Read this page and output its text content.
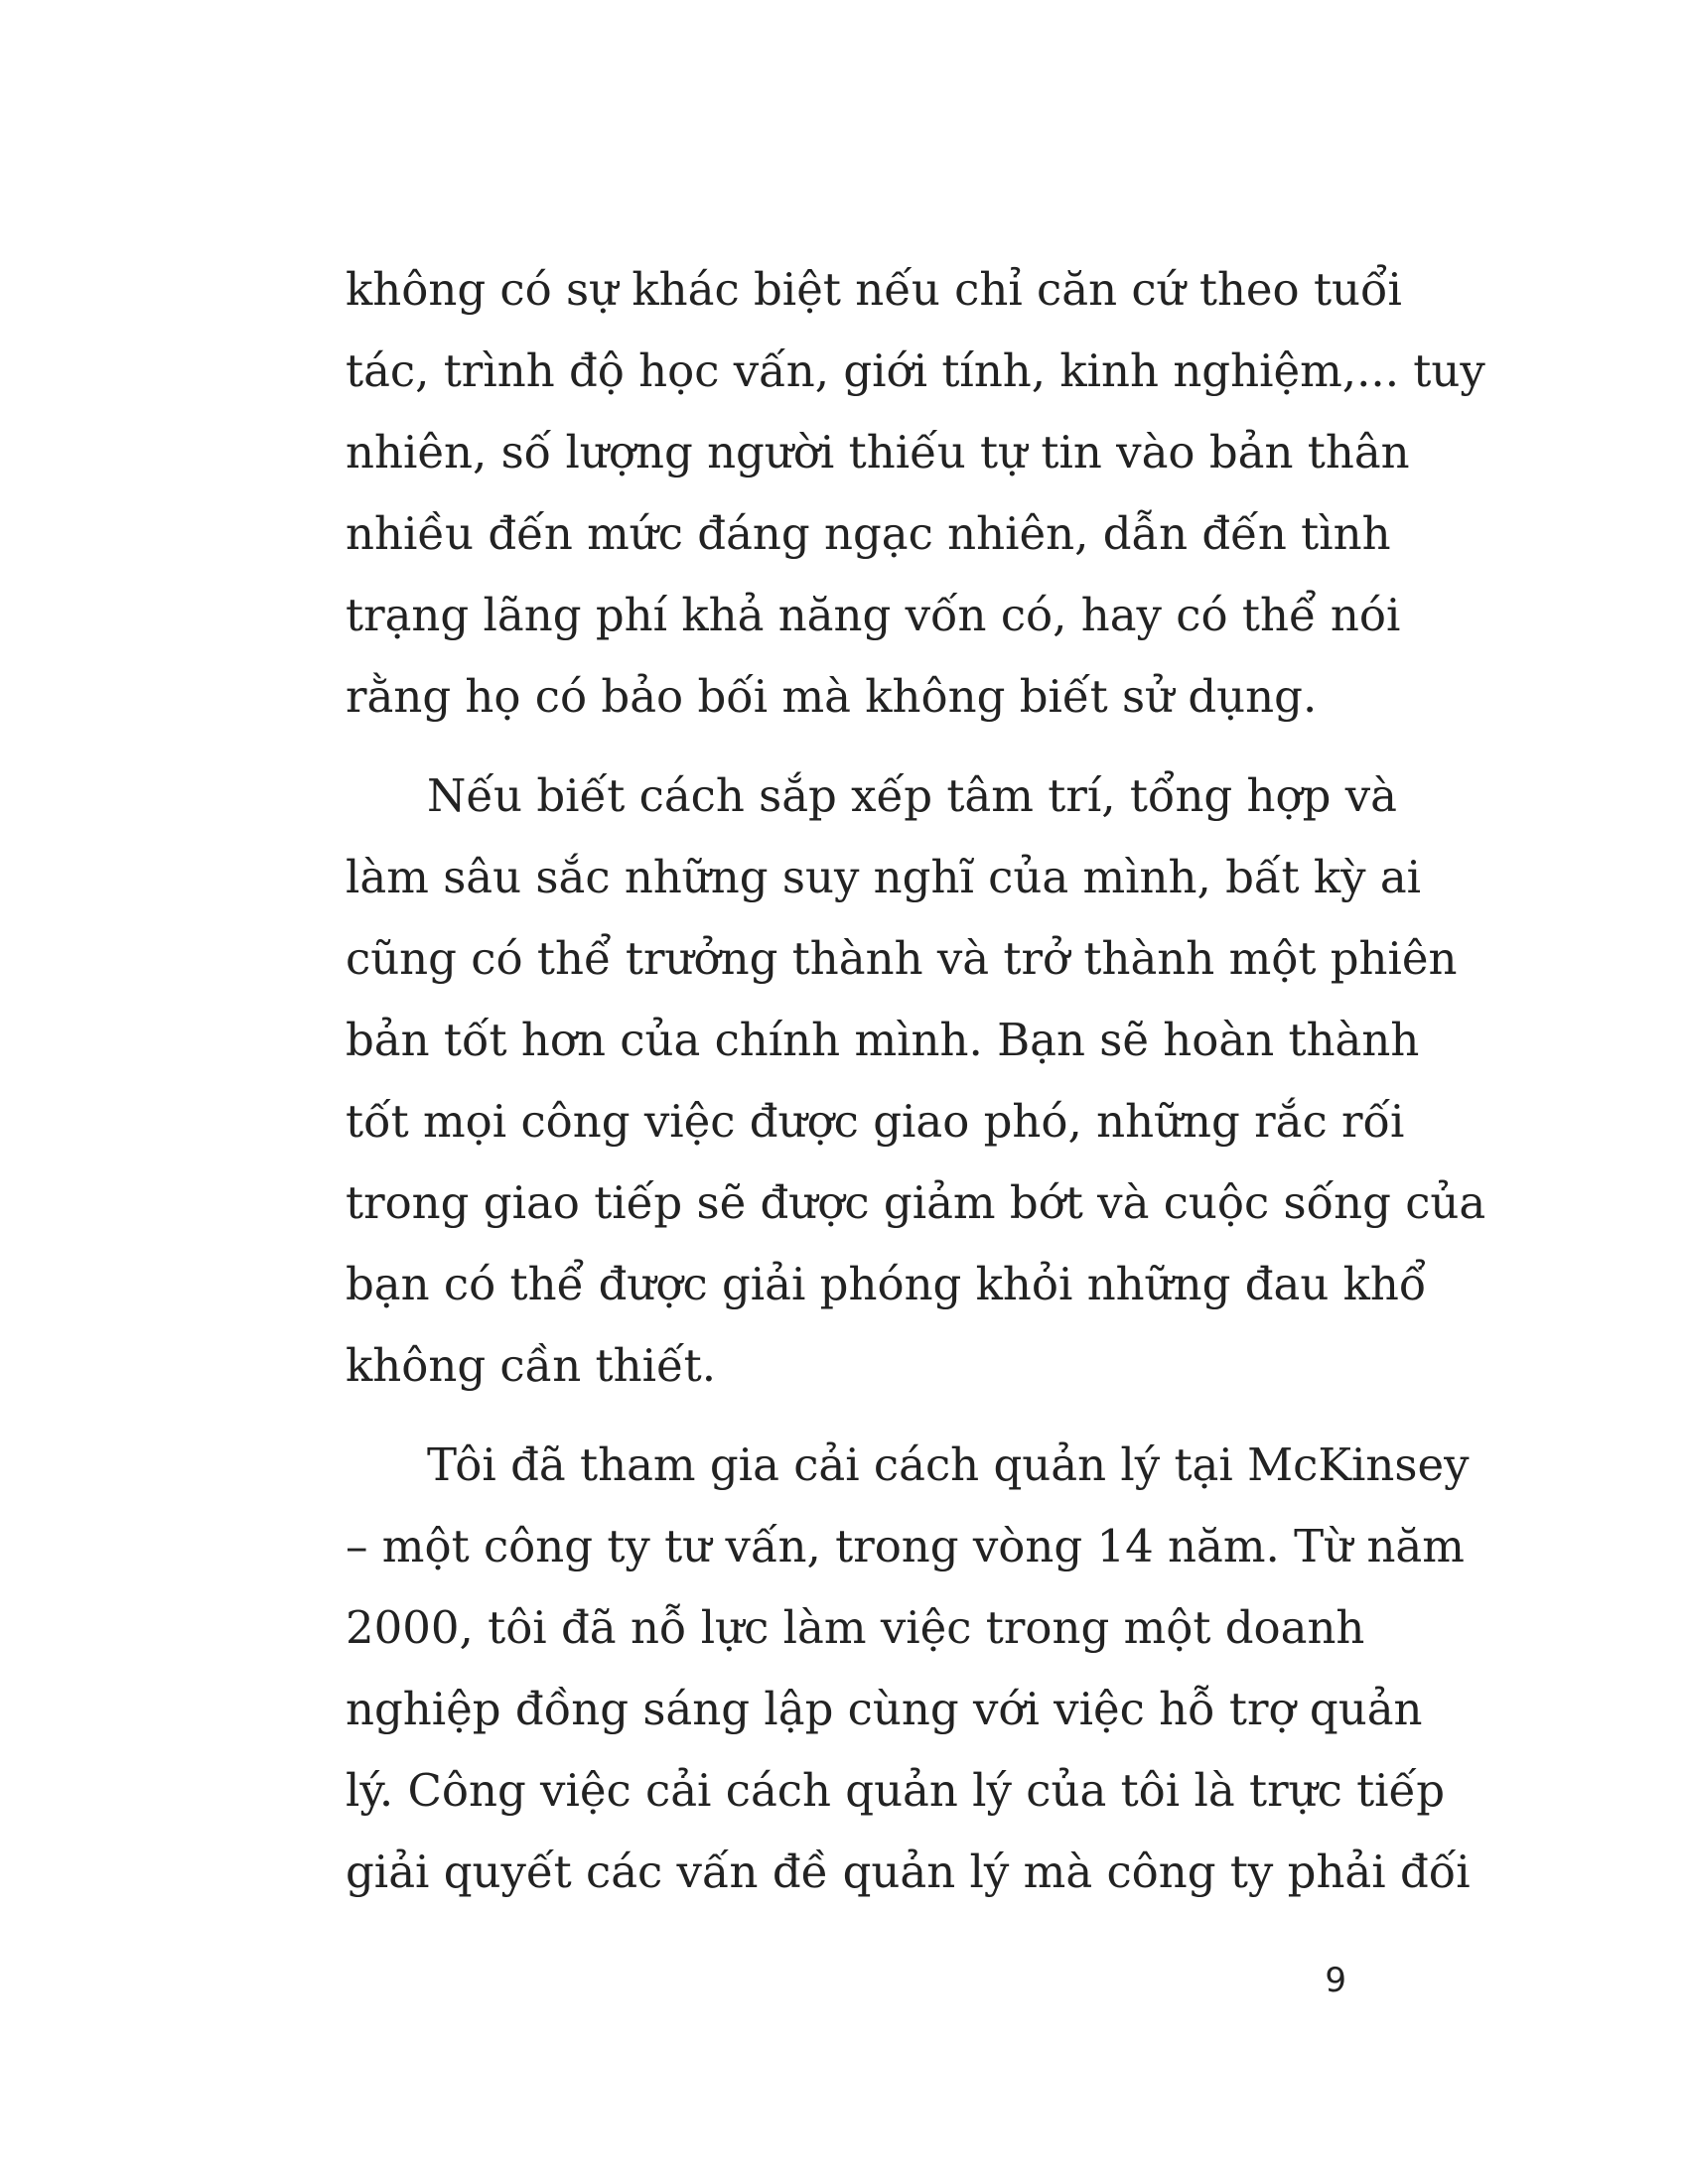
không có sự khác biệt nếu chỉ căn cứ theo tuổi
tác, trình độ học vấn, giới tính, kinh nghiệm,... tuy
nhiên, số lượng người thiếu tự tin vào bản thân
nhiều đến mức đáng ngạc nhiên, dẫn đến tình
trạng lãng phí khả năng vốn có, hay có thể nói
rằng họ có bảo bối mà không biết sử dụng.
Nếu biết cách sắp xếp tâm trí, tổng hợp và
làm sâu sắc những suy nghĩ của mình, bất kỳ ai
cũng có thể trưởng thành và trở thành một phiên
bản tốt hơn của chính mình. Bạn sẽ hoàn thành
tốt mọi công việc được giao phó, những rắc rối
trong giao tiếp sẽ được giảm bớt và cuộc sống của
bạn có thể được giải phóng khỏi những đau khổ
không cần thiết.
Tôi đã tham gia cải cách quản lý tại McKinsey
– một công ty tư vấn, trong vòng 14 năm. Từ năm
2000, tôi đã nỗ lực làm việc trong một doanh
nghiệp đồng sáng lập cùng với việc hỗ trợ quản
lý. Công việc cải cách quản lý của tôi là trực tiếp
giải quyết các vấn đề quản lý mà công ty phải đối
9
